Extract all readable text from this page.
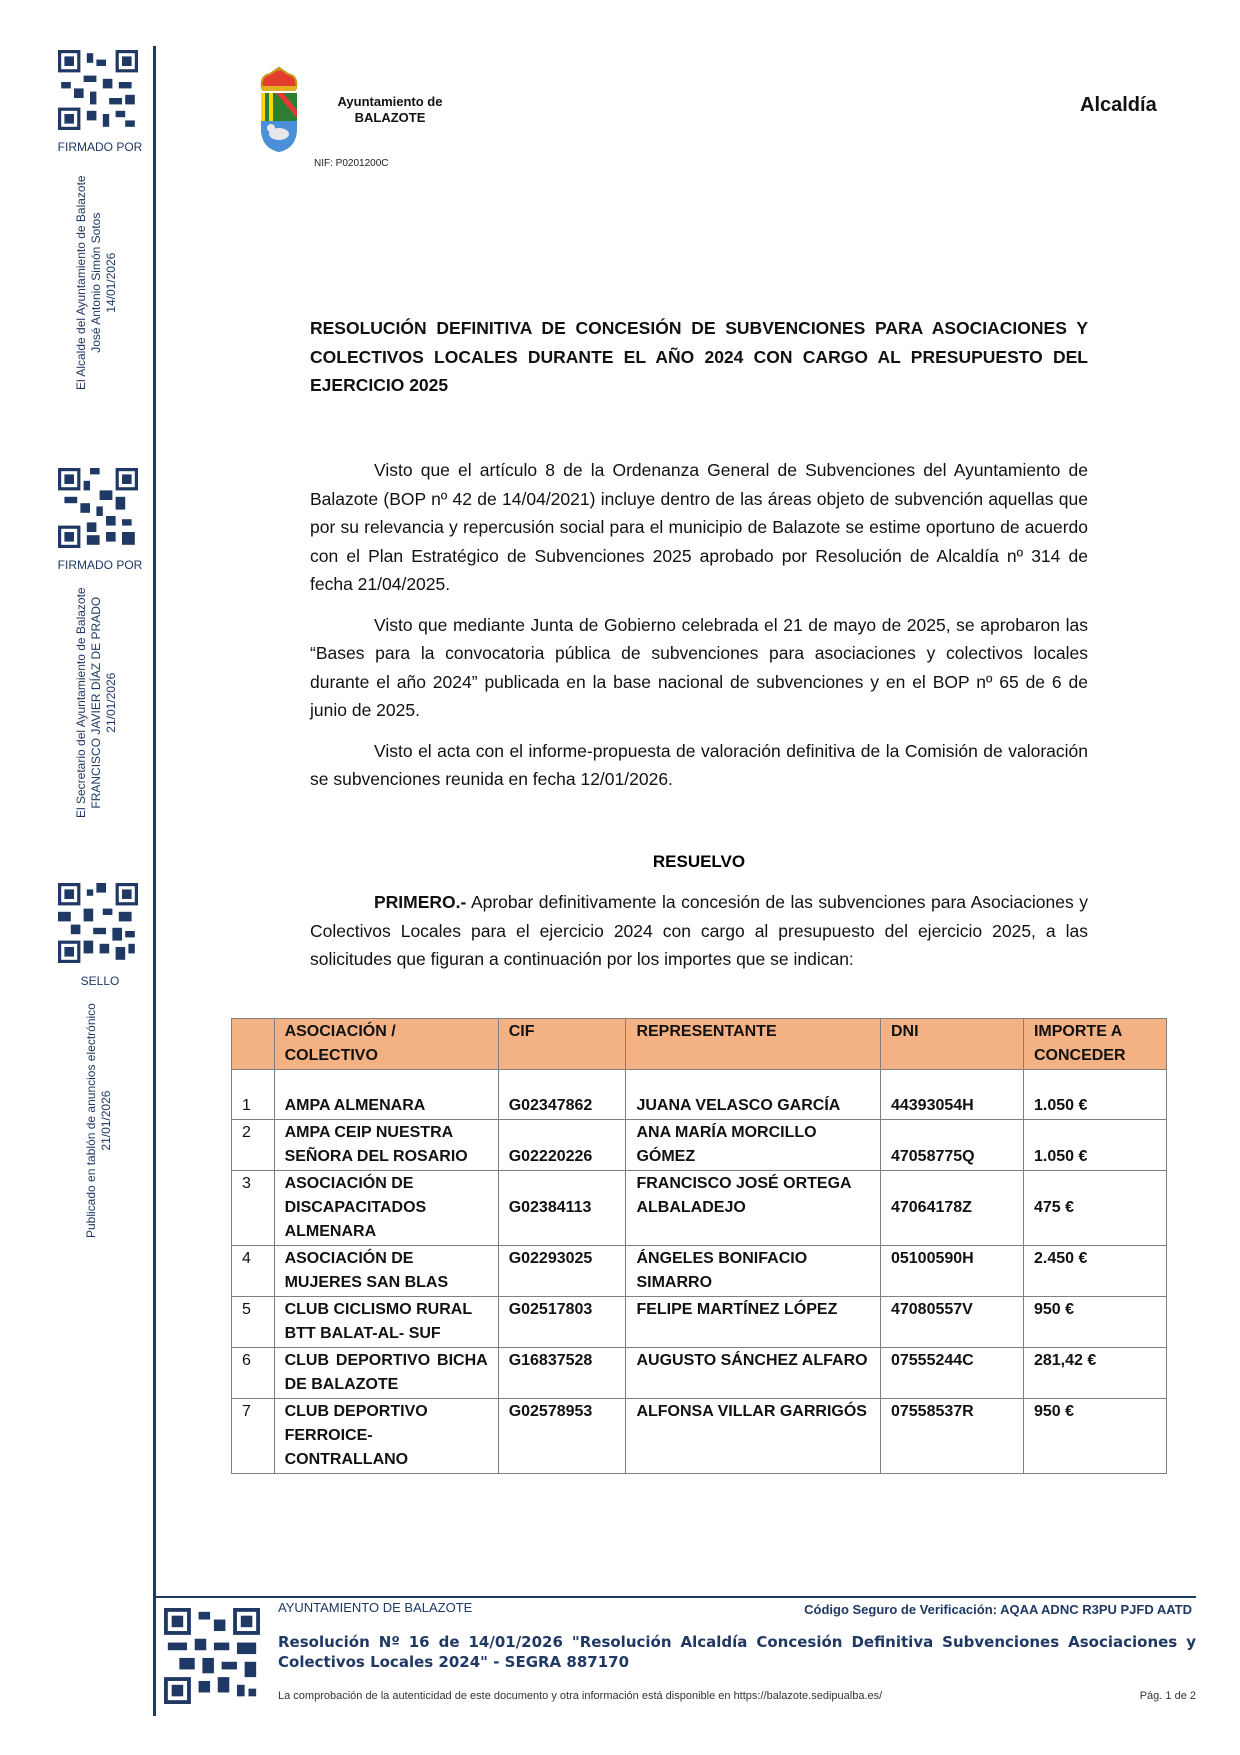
FIRMADO POR
El Alcalde del Ayuntamiento de Balazote José Antonio Simón Sotos 14/01/2026
FIRMADO POR
El Secretario del Ayuntamiento de Balazote FRANCISCO JAVIER DÍAZ DE PRADO 21/01/2026
SELLO
Publicado en tablón de anuncios electrónico 21/01/2026
Ayuntamiento de
BALAZOTE
NIF: P0201200C
Alcaldía
RESOLUCIÓN DEFINITIVA DE CONCESIÓN DE SUBVENCIONES PARA ASOCIACIONES Y COLECTIVOS LOCALES DURANTE EL AÑO 2024 CON CARGO AL PRESUPUESTO DEL EJERCICIO 2025

Visto que el artículo 8 de la Ordenanza General de Subvenciones del Ayuntamiento de Balazote (BOP nº 42 de 14/04/2021) incluye dentro de las áreas objeto de subvención aquellas que por su relevancia y repercusión social para el municipio de Balazote se estime oportuno de acuerdo con el Plan Estratégico de Subvenciones 2025 aprobado por Resolución de Alcaldía nº 314 de fecha 21/04/2025.

Visto que mediante Junta de Gobierno celebrada el 21 de mayo de 2025, se aprobaron las “Bases para la convocatoria pública de subvenciones para asociaciones y colectivos locales durante el año 2024” publicada en la base nacional de subvenciones y en el BOP nº 65 de 6 de junio de 2025.

Visto el acta con el informe-propuesta de valoración definitiva de la Comisión de valoración se subvenciones reunida en fecha 12/01/2026.

RESUELVO

PRIMERO.- Aprobar definitivamente la concesión de las subvenciones para Asociaciones y Colectivos Locales para el ejercicio 2024 con cargo al presupuesto del ejercicio 2025, a las solicitudes que figuran a continuación por los importes que se indican:

	ASOCIACIÓN / COLECTIVO	CIF	REPRESENTANTE	DNI	IMPORTE A CONCEDER
1	AMPA ALMENARA	G02347862	JUANA VELASCO GARCÍA	44393054H	1.050 €
2	AMPA CEIP NUESTRA SEÑORA DEL ROSARIO	G02220226	ANA MARÍA MORCILLO GÓMEZ	47058775Q	1.050 €
3	ASOCIACIÓN DE DISCAPACITADOS ALMENARA	G02384113	FRANCISCO JOSÉ ORTEGA ALBALADEJO	47064178Z	475 €
4	ASOCIACIÓN DE MUJERES SAN BLAS	G02293025	ÁNGELES BONIFACIO SIMARRO	05100590H	2.450 €
5	CLUB CICLISMO RURAL BTT BALAT-AL- SUF	G02517803	FELIPE MARTÍNEZ LÓPEZ	47080557V	950 €
6	CLUB DEPORTIVO BICHA DE BALAZOTE	G16837528	AUGUSTO SÁNCHEZ ALFARO	07555244C	281,42 €
7	CLUB DEPORTIVO FERROICE-CONTRALLANO	G02578953	ALFONSA VILLAR GARRIGÓS	07558537R	950 €
AYUNTAMIENTO DE BALAZOTE	Código Seguro de Verificación: AQAA ADNC R3PU PJFD AATD
Resolución Nº 16 de 14/01/2026 "Resolución Alcaldía Concesión Definitiva Subvenciones Asociaciones y Colectivos Locales 2024" - SEGRA 887170
La comprobación de la autenticidad de este documento y otra información está disponible en https://balazote.sedipualba.es/	Pág. 1 de 2
